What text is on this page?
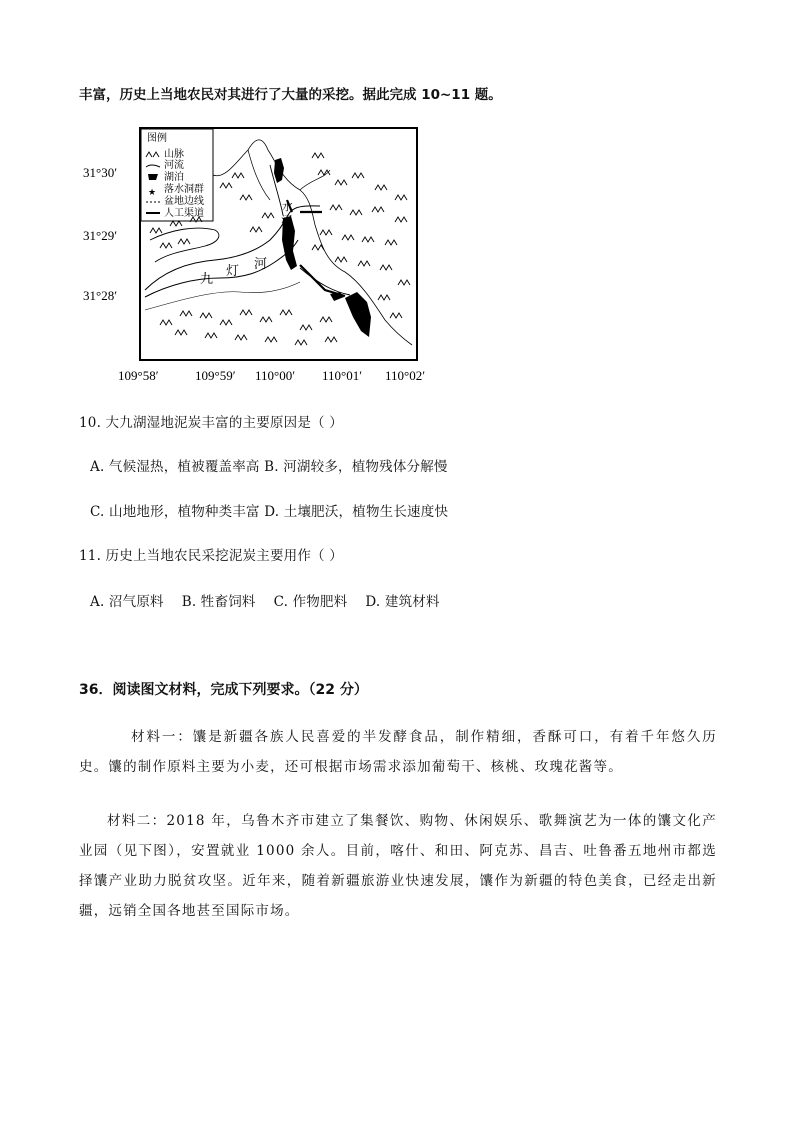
丰富，历史上当地农民对其进行了大量的采挖。据此完成 10~11 题。
图例
★
山脉
河流
湖泊
落水洞群
盆地边线
人工渠道
九
灯 河
水
河
31°30′
31°29′
31°28′
109°58′	109°59′ 110°00′ 110°01′ 110°02′
10. 大九湖湿地泥炭丰富的主要原因是（ ）
A. 气候湿热，植被覆盖率高 B. 河湖较多，植物残体分解慢
C. 山地地形，植物种类丰富 D. 土壤肥沃，植物生长速度快
11. 历史上当地农民采挖泥炭主要用作（ ）
A. 沼气原料    B. 牲畜饲料    C. 作物肥料    D. 建筑材料
36．阅读图文材料，完成下列要求。（22 分）
材料一：馕是新疆各族人民喜爱的半发酵食品，制作精细，香酥可口，有着千年悠久历史。馕的制作原料主要为小麦，还可根据市场需求添加葡萄干、核桃、玫瑰花酱等。
材料二：2018 年，乌鲁木齐市建立了集餐饮、购物、休闲娱乐、歌舞演艺为一体的馕文化产业园（见下图），安置就业 1000 余人。目前，喀什、和田、阿克苏、昌吉、吐鲁番五地州市都选择馕产业助力脱贫攻坚。近年来，随着新疆旅游业快速发展，馕作为新疆的特色美食，已经走出新疆，远销全国各地甚至国际市场。
